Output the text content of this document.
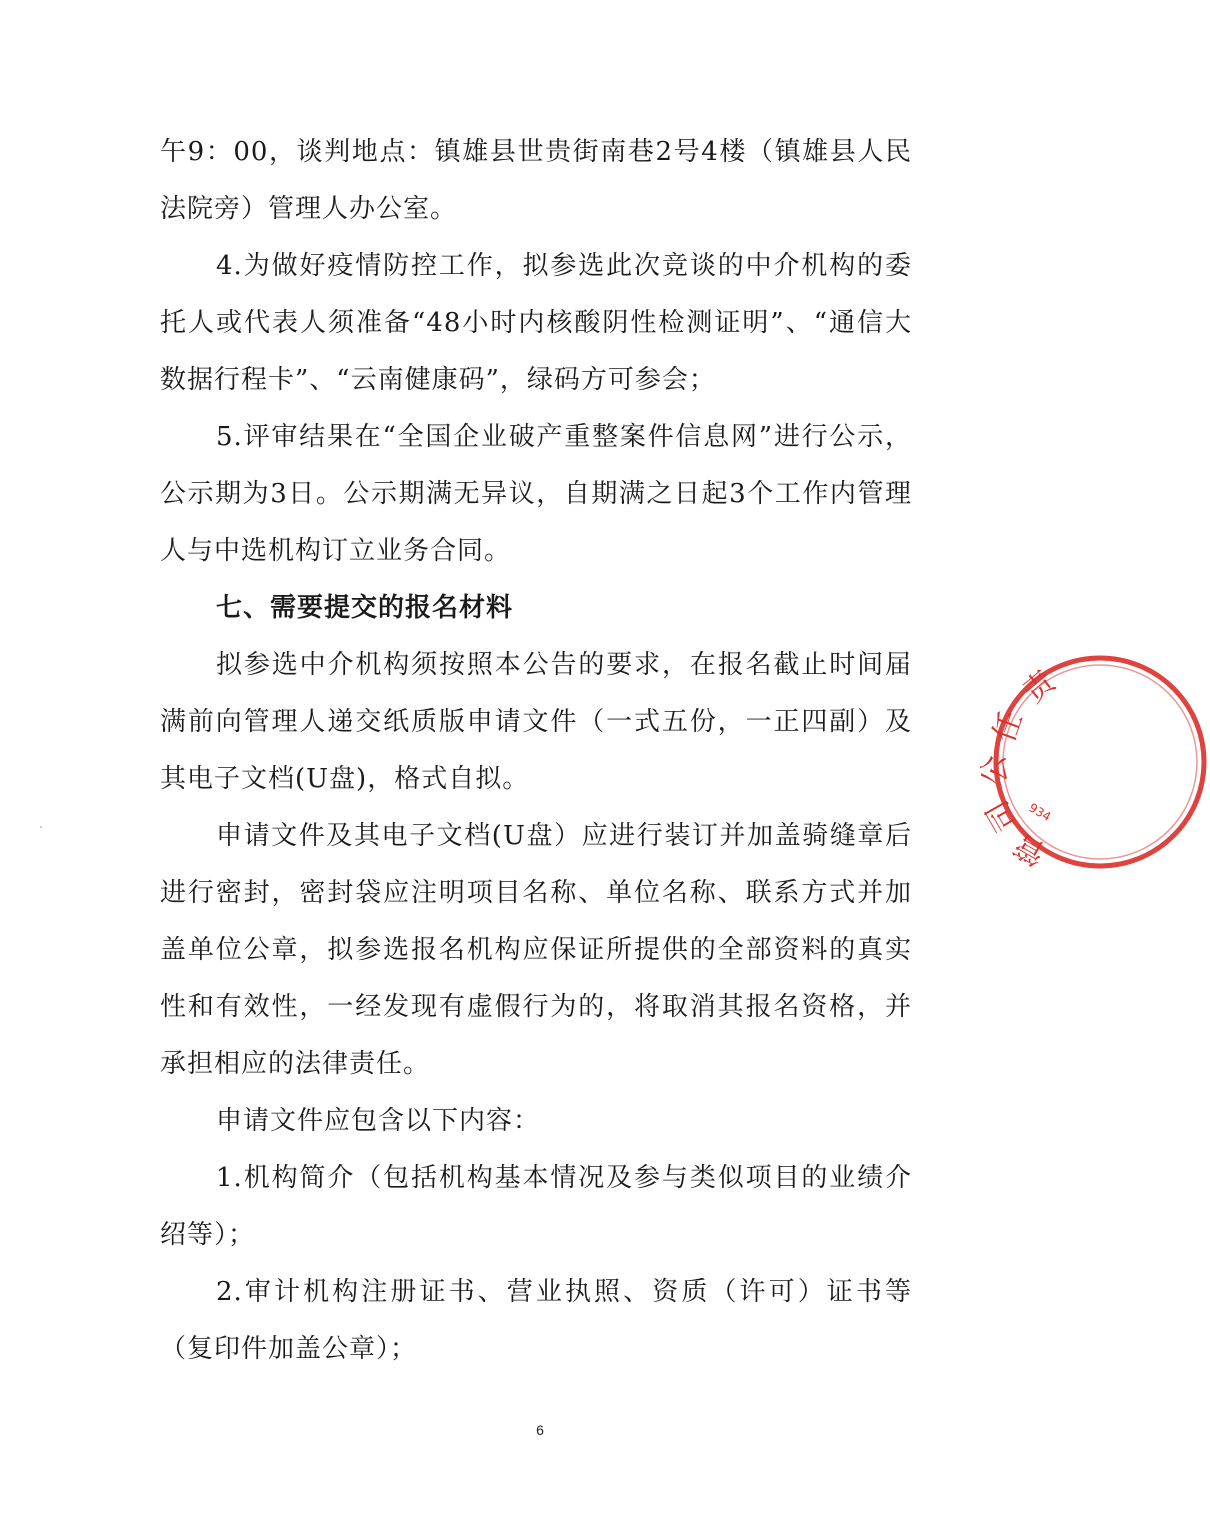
午9：00，谈判地点：镇雄县世贵街南巷2号4楼（镇雄县人民法院旁）管理人办公室。

4.为做好疫情防控工作，拟参选此次竞谈的中介机构的委托人或代表人须准备“48小时内核酸阴性检测证明”、“通信大数据行程卡”、“云南健康码”，绿码方可参会；

5.评审结果在“全国企业破产重整案件信息网”进行公示，公示期为3日。公示期满无异议，自期满之日起3个工作内管理人与中选机构订立业务合同。

七、需要提交的报名材料

拟参选中介机构须按照本公告的要求，在报名截止时间届满前向管理人递交纸质版申请文件（一式五份，一正四副）及其电子文档(U盘)，格式自拟。

申请文件及其电子文档(U盘）应进行装订并加盖骑缝章后进行密封，密封袋应注明项目名称、单位名称、联系方式并加盖单位公章，拟参选报名机构应保证所提供的全部资料的真实性和有效性，一经发现有虚假行为的，将取消其报名资格，并承担相应的法律责任。

申请文件应包含以下内容：

1.机构简介（包括机构基本情况及参与类似项目的业绩介绍等）；

2.审计机构注册证书、营业执照、资质（许可）证书等（复印件加盖公章）；

责
任
公
司
管
934
6
